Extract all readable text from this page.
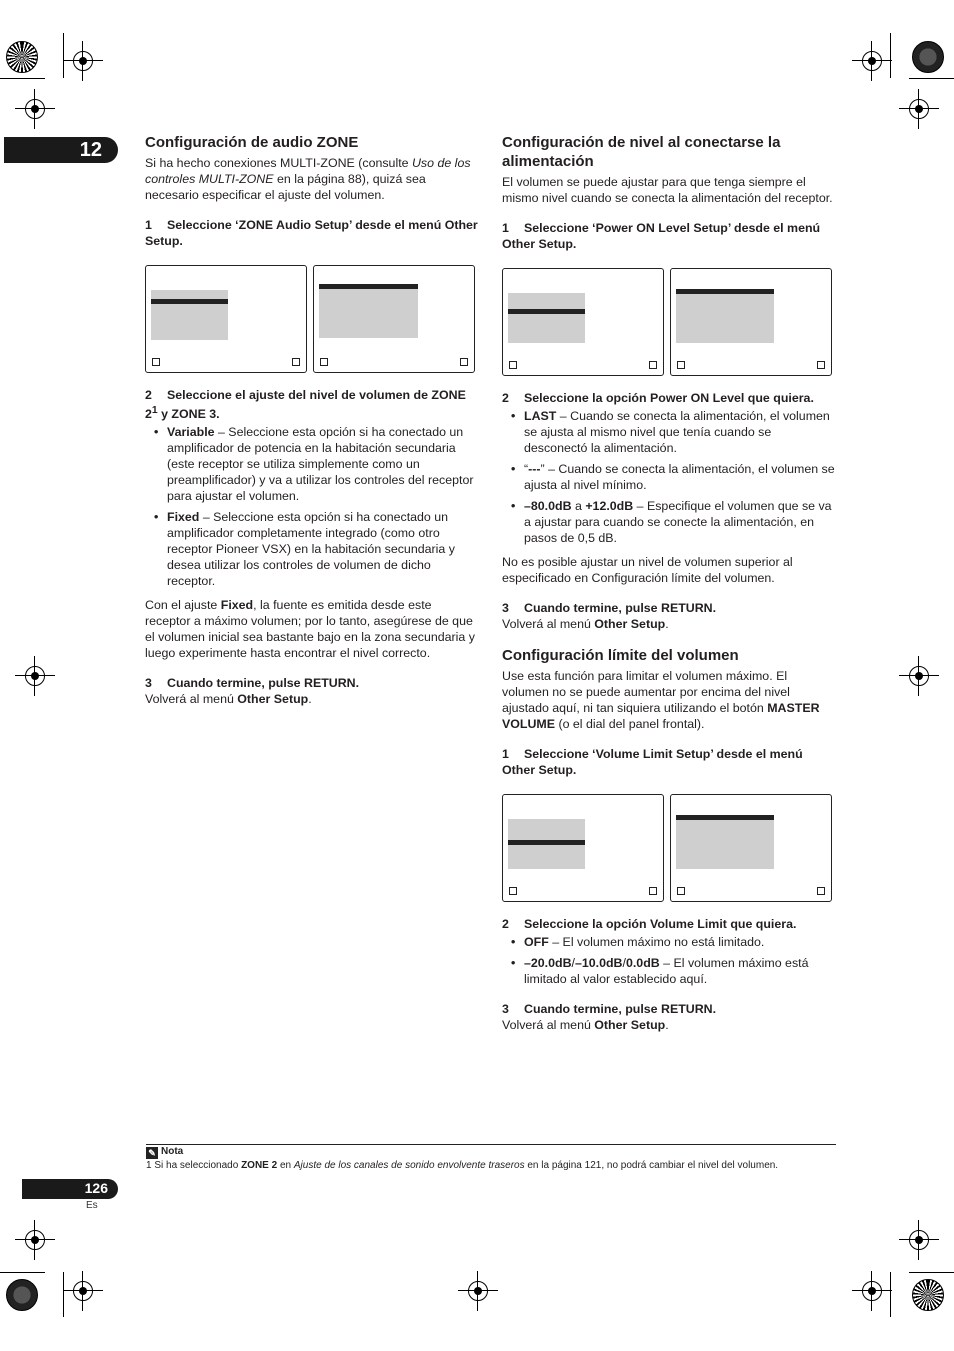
12	Configuración de audio ZONE

Si ha hecho conexiones MULTI-ZONE (consulte Uso de los controles MULTI-ZONE en la página 88), quizá sea necesario especificar el ajuste del volumen.

1 Seleccione ‘ZONE Audio Setup’ desde el menú Other Setup.
2 Seleccione el ajuste del nivel de volumen de ZONE $2^1$ y ZONE 3.
• Variable – Seleccione esta opción si ha conectado un amplificador de potencia en la habitación secundaria (este receptor se utiliza simplemente como un preamplificador) y va a utilizar los controles del receptor para ajustar el volumen.
• Fixed – Seleccione esta opción si ha conectado un amplificador completamente integrado (como otro receptor Pioneer VSX) en la habitación secundaria y desea utilizar los controles de volumen de dicho receptor.

Con el ajuste Fixed, la fuente es emitida desde este receptor a máximo volumen; por lo tanto, asegúrese de que el volumen inicial sea bastante bajo en la zona secundaria y luego experimente hasta encontrar el nivel correcto.

3 Cuando termine, pulse RETURN.

Volverá al menú Other Setup.

Configuración de nivel al conectarse la alimentación

El volumen se puede ajustar para que tenga siempre el mismo nivel cuando se conecta la alimentación del receptor.

1 Seleccione ‘Power ON Level Setup’ desde el menú Other Setup.
2 Seleccione la opción Power ON Level que quiera.
• LAST – Cuando se conecta la alimentación, el volumen se ajusta al mismo nivel que tenía cuando se desconectó la alimentación.
• “---” – Cuando se conecta la alimentación, el volumen se ajusta al nivel mínimo.
• –80.0dB a +12.0dB – Especifique el volumen que se va a ajustar para cuando se conecte la alimentación, en pasos de 0,5 dB.

No es posible ajustar un nivel de volumen superior al especificado en Configuración límite del volumen.

3 Cuando termine, pulse RETURN.

Volverá al menú Other Setup.

Configuración límite del volumen

Use esta función para limitar el volumen máximo. El volumen no se puede aumentar por encima del nivel ajustado aquí, ni tan siquiera utilizando el botón MASTER VOLUME (o el dial del panel frontal).

1 Seleccione ‘Volume Limit Setup’ desde el menú Other Setup.
2 Seleccione la opción Volume Limit que quiera.
• OFF – El volumen máximo no está limitado.
• –20.0dB/–10.0dB/0.0dB – El volumen máximo está limitado al valor establecido aquí.
3 Cuando termine, pulse RETURN.

Volverá al menú Other Setup.

✎ Nota
1 Si ha seleccionado ZONE 2 en Ajuste de los canales de sonido envolvente traseros en la página 121, no podrá cambiar el nivel del volumen.
126
Es
